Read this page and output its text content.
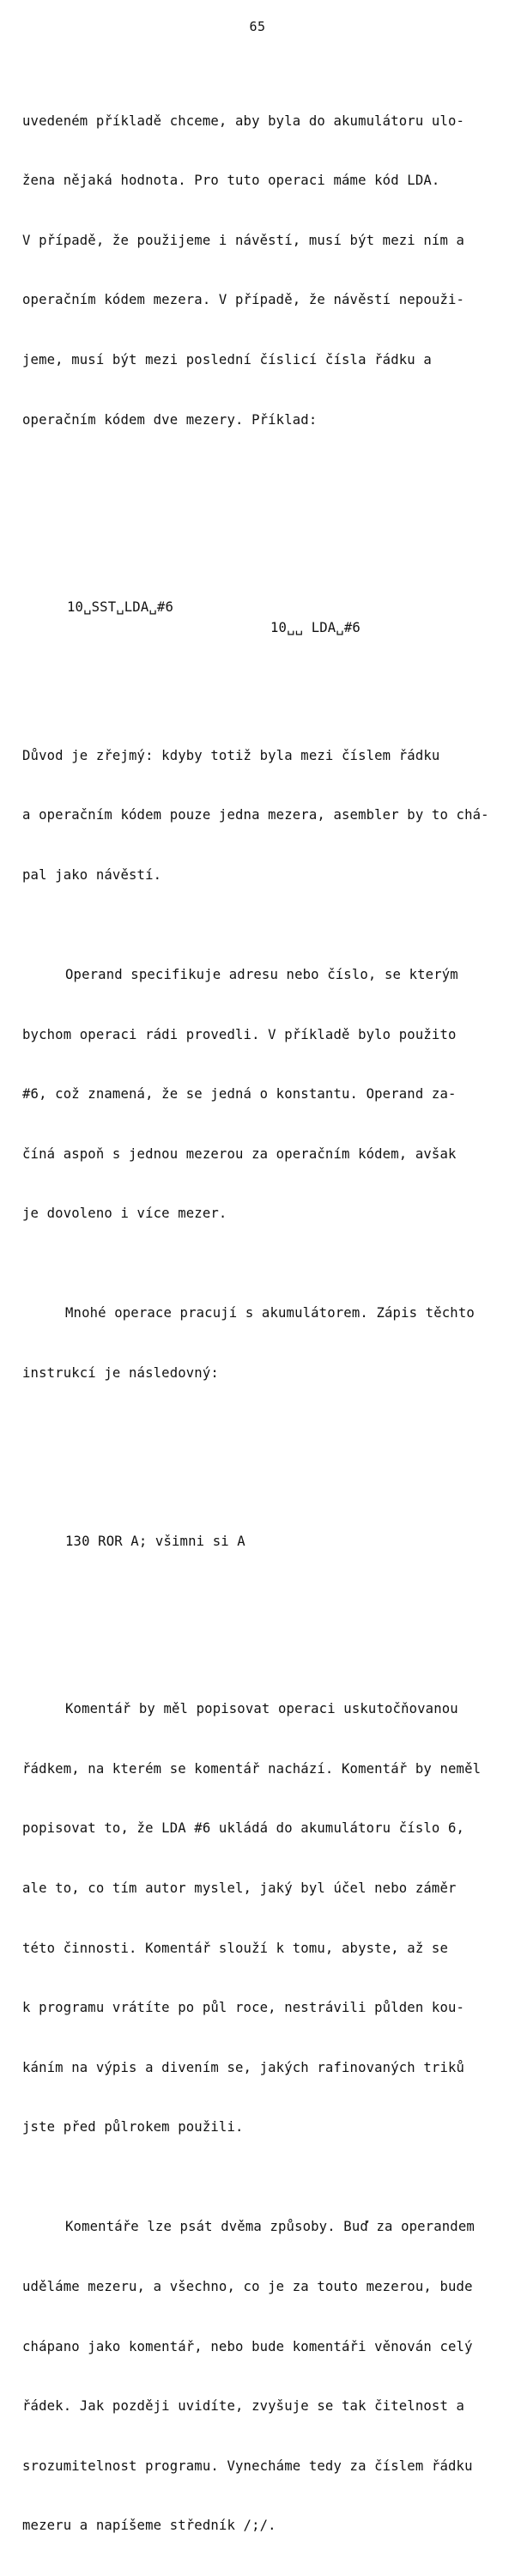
65

uvedeném příkladě chceme, aby byla do akumulátoru ulo-

žena nějaká hodnota. Pro tuto operaci máme kód LDA.

V případě, že použijeme i návěstí, musí být mezi ním a

operačním kódem mezera. V případě, že návěstí nepouži-

jeme, musí být mezi poslední číslicí čísla řádku a

operačním kódem dve mezery. Příklad:

10␣SST␣LDA␣#6

10␣␣ LDA␣#6

Důvod je zřejmý: kdyby totiž byla mezi číslem řádku

a operačním kódem pouze jedna mezera, asembler by to chá-

pal jako návěstí.

Operand specifikuje adresu nebo číslo, se kterým

bychom operaci rádi provedli. V příkladě bylo použito

#6, což znamená, že se jedná o konstantu. Operand za-

číná aspoň s jednou mezerou za operačním kódem, avšak

je dovoleno i více mezer.

Mnohé operace pracují s akumulátorem. Zápis těchto

instrukcí je následovný:

130 ROR A; všimni si A

Komentář by měl popisovat operaci uskutočňovanou

řádkem, na kterém se komentář nachází. Komentář by neměl

popisovat to, že LDA #6 ukládá do akumulátoru číslo 6,

ale to, co tím autor myslel, jaký byl účel nebo záměr

této činnosti. Komentář slouží k tomu, abyste, až se

k programu vrátíte po půl roce, nestrávili půlden kou-

káním na výpis a divením se, jakých rafinovaných triků

jste před půlrokem použili.

Komentáře lze psát dvěma způsoby. Buď za operandem

uděláme mezeru, a všechno, co je za touto mezerou, bude

chápano jako komentář, nebo bude komentáři věnován celý

řádek. Jak později uvidíte, zvyšuje se tak čitelnost a

srozumitelnost programu. Vynecháme tedy za číslem řádku

mezeru a napíšeme středník /;/.
